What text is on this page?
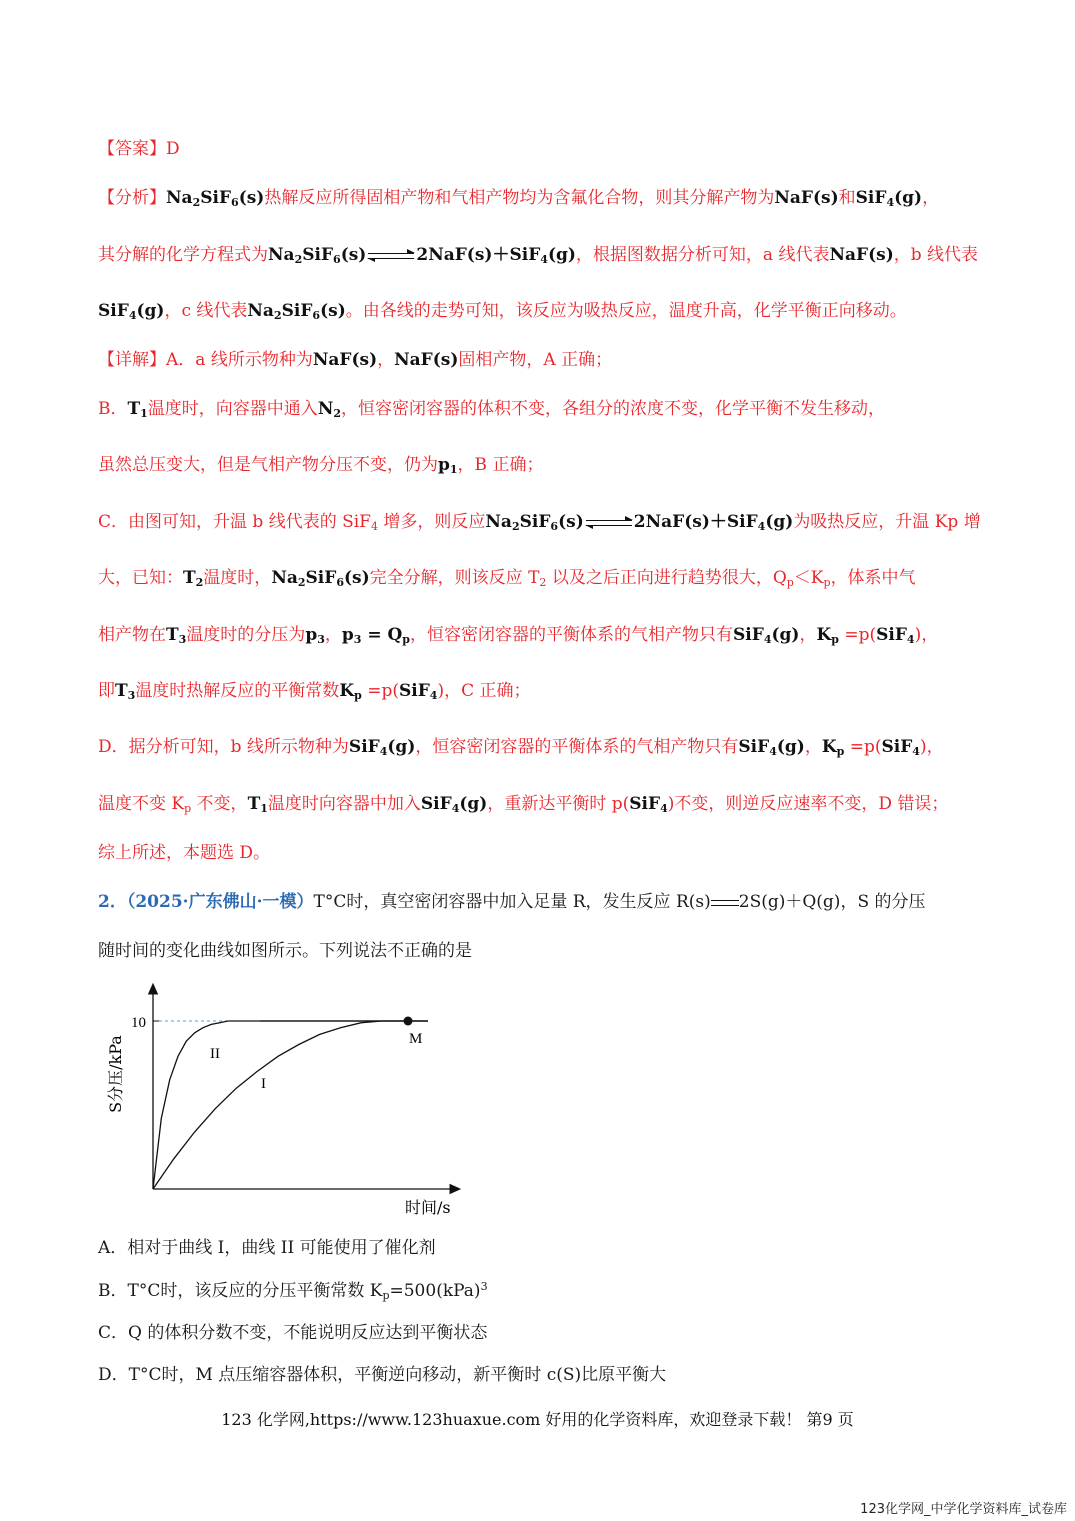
【答案】D
【分析】$Na_2SiF_6(s)$热解反应所得固相产物和气相产物均为含氟化合物，则其分解产物为NaF(s)和SiF$_4$(g)，
其分解的化学方程式为$Na_2SiF_6(s)$	2NaF(s)＋SiF$_4$(g)，根据图数据分析可知，a 线代表NaF(s)，b 线代表
SiF$_4$(g)，c 线代表$Na_2SiF_6(s)$。由各线的走势可知，该反应为吸热反应，温度升高，化学平衡正向移动。
【详解】A．a 线所示物种为NaF(s)，NaF(s)固相产物，A 正确；
B．$T_1$温度时，向容器中通入$N_2$，恒容密闭容器的体积不变，各组分的浓度不变，化学平衡不发生移动，
虽然总压变大，但是气相产物分压不变，仍为$p_1$，B 正确；
C．由图可知，升温 b 线代表的 SiF$_4$ 增多，则反应$Na_2SiF_6(s)$	2NaF(s)＋SiF$_4$(g)为吸热反应，升温 Kp 增
大，已知：$T_2$温度时，$Na_2SiF_6(s)$完全分解，则该反应 $T_2$ 以及之后正向进行趋势很大，$Q_p<K_p$，体系中气
相产物在$T_3$温度时的分压为$p_3$，$p_3 = Q_p$，恒容密闭容器的平衡体系的气相产物只有SiF$_4$(g)，$K_p =p(SiF_4)$，
即$T_3$温度时热解反应的平衡常数$K_p =p(SiF_4)$，C 正确；
D．据分析可知，b 线所示物种为SiF$_4$(g)，恒容密闭容器的平衡体系的气相产物只有SiF$_4$(g)，$K_p =p(SiF_4)$，
温度不变 $K_p$ 不变，$T_1$温度时向容器中加入SiF$_4$(g)，重新达平衡时 p(SiF$_4$)不变，则逆反应速率不变，D 错误；
综上所述，本题选 D。
2．（2025·广东佛山·一模）T°C时，真空密闭容器中加入足量 R，发生反应 R(s) 2S(g)＋Q(g)，S 的分压
随时间的变化曲线如图所示。下列说法不正确的是
10
M
II
I
时间/s
S分压/kPa
A．相对于曲线 I，曲线 II 可能使用了催化剂
B．T°C时，该反应的分压平衡常数 $K_p=500(kPa)^3$
C．Q 的体积分数不变，不能说明反应达到平衡状态
D．T°C时，M 点压缩容器体积，平衡逆向移动，新平衡时 c(S)比原平衡大
123 化学网,https://www.123huaxue.com 好用的化学资料库，欢迎登录下载！ 第9 页
123化学网_中学化学资料库_试卷库
